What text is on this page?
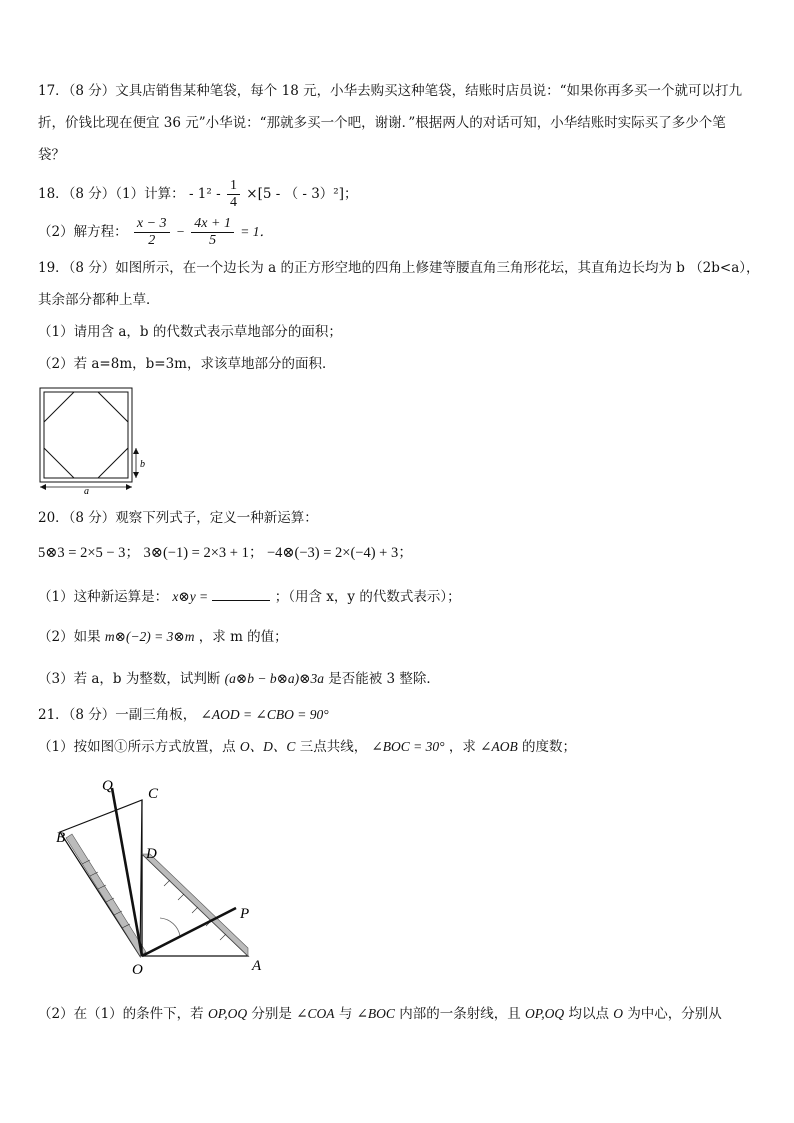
17．（8 分）文具店销售某种笔袋，每个 18 元，小华去购买这种笔袋，结账时店员说：“如果你再多买一个就可以打九
折，价钱比现在便宜 36 元”小华说：“那就多买一个吧，谢谢．”根据两人的对话可知，小华结账时实际买了多少个笔
袋？
18．（8 分）（1）计算： - $1^2 - \frac{1}{4} \times[5$ - （ - 3）²]；
（2）解方程： $\frac{x - 3}{2} - \frac{4x + 1}{5} = 1$．
19．（8 分）如图所示，在一个边长为 a 的正方形空地的四角上修建等腰直角三角形花坛，其直角边长均为 b （2b<a），
其余部分都种上草．
（1）请用含 a，b 的代数式表示草地部分的面积；
（2）若 a=8m，b=3m，求该草地部分的面积．
b
a
20．（8 分）观察下列式子，定义一种新运算：
5⊗3 = 2×5 − 3； 3⊗(−1) = 2×3 + 1； −4⊗(−3) = 2×(−4) + 3；
（1）这种新运算是： x⊗y =	；（用含 x，y 的代数式表示）；
（2）如果 m⊗(−2) = 3⊗m ，求 m 的值；
（3）若 a，b 为整数，试判断 (a⊗b − b⊗a)⊗3a 是否能被 3 整除．
21．（8 分）一副三角板， ∠AOD = ∠CBO = 90°
（1）按如图①所示方式放置，点 O、D、C 三点共线， ∠BOC = 30° ，求 ∠AOB 的度数；
Q C
B
D
P
O	A
（2）在（1）的条件下，若 OP,OQ 分别是 ∠COA 与 ∠BOC 内部的一条射线，且 OP,OQ 均以点 O 为中心，分别从
